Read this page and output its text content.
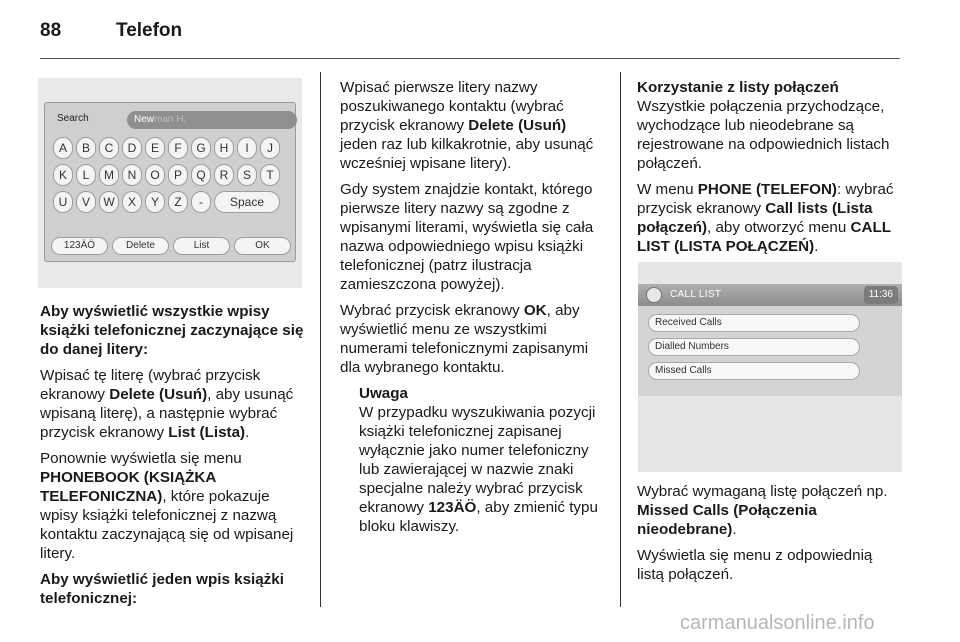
88	Telefon
Search	Newman H.
A	B	C	D	E	F	G	H	I	J
K	L	M	N	O	P	Q	R	S	T
U	V	W	X	Y	Z	-	Space
123ÄÖ	Delete	List	OK

Aby wyświetlić wszystkie wpisy książki telefonicznej zaczynające się do danej litery:

Wpisać tę literę (wybrać przycisk ekranowy Delete (Usuń), aby usunąć wpisaną literę), a następnie wybrać przycisk ekranowy List (Lista).

Ponownie wyświetla się menu PHONEBOOK (KSIĄŻKA TELEFONICZNA), które pokazuje wpisy książki telefonicznej z nazwą kontaktu zaczynającą się od wpisanej litery.

Aby wyświetlić jeden wpis książki telefonicznej:

Wpisać pierwsze litery nazwy poszukiwanego kontaktu (wybrać przycisk ekranowy Delete (Usuń) jeden raz lub kilkakrotnie, aby usunąć wcześniej wpisane litery).

Gdy system znajdzie kontakt, którego pierwsze litery nazwy są zgodne z wpisanymi literami, wyświetla się cała nazwa odpowiedniego wpisu książki telefonicznej (patrz ilustracja zamieszczona powyżej).

Wybrać przycisk ekranowy OK, aby wyświetlić menu ze wszystkimi numerami telefonicznymi zapisanymi dla wybranego kontaktu.

Uwaga

W przypadku wyszukiwania pozycji książki telefonicznej zapisanej wyłącznie jako numer telefoniczny lub zawierającej w nazwie znaki specjalne należy wybrać przycisk ekranowy 123ÄÖ, aby zmienić typu bloku klawiszy.

Korzystanie z listy połączeń

Wszystkie połączenia przychodzące, wychodzące lub nieodebrane są rejestrowane na odpowiednich listach połączeń.

W menu PHONE (TELEFON): wybrać przycisk ekranowy Call lists (Lista połączeń), aby otworzyć menu CALL LIST (LISTA POŁĄCZEŃ).

CALL LIST	11:36
Received Calls
Dialled Numbers
Missed Calls

Wybrać wymaganą listę połączeń np. Missed Calls (Połączenia nieodebrane).

Wyświetla się menu z odpowiednią listą połączeń.

carmanualsonline.info
